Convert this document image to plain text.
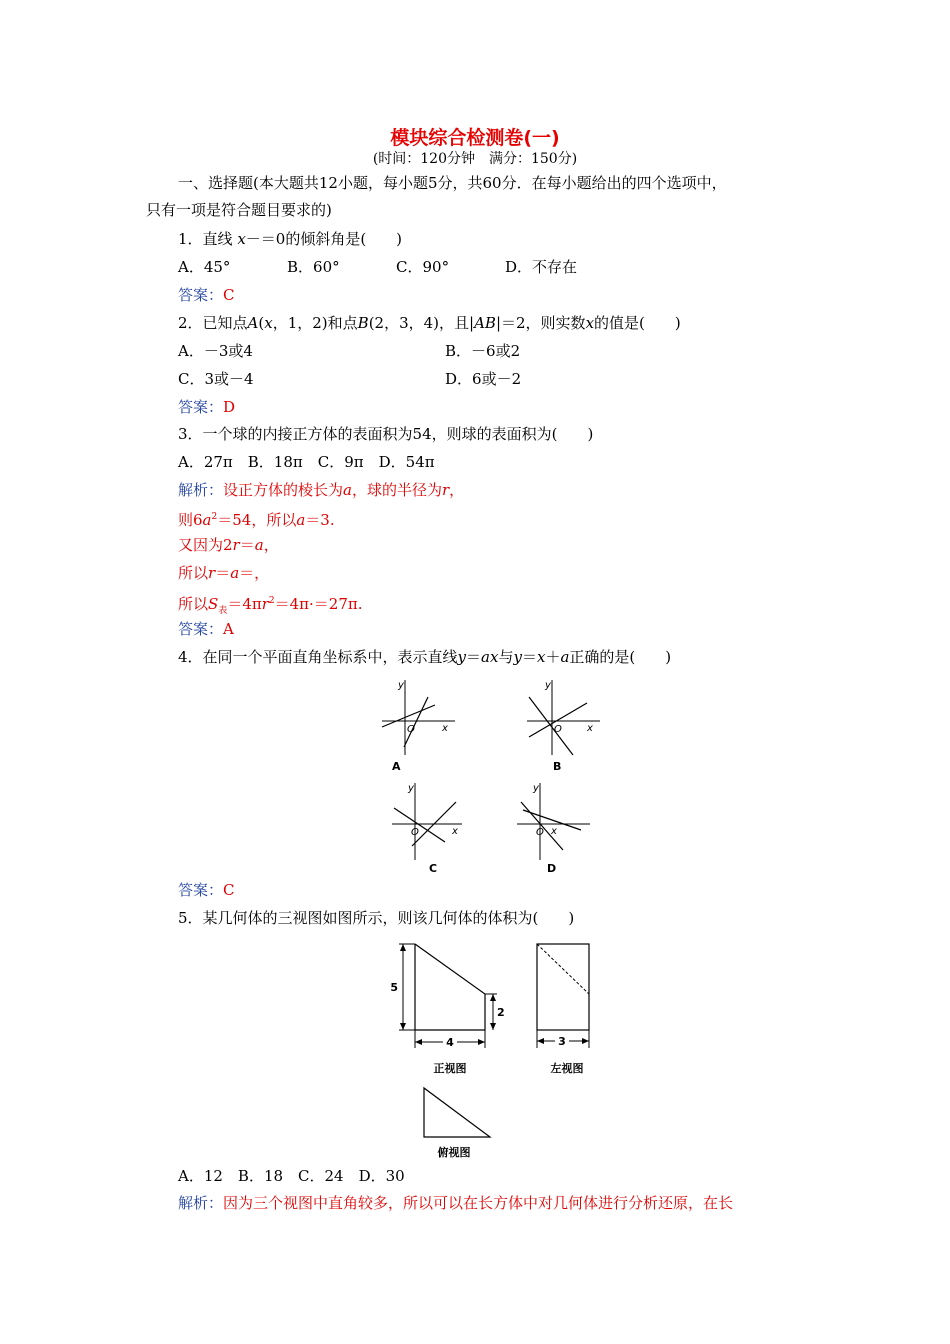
模块综合检测卷(一)
(时间：120分钟　满分：150分)
一、选择题(本大题共12小题，每小题5分，共60分．在每小题给出的四个选项中，
只有一项是符合题目要求的)
1．直线 x－＝0的倾斜角是(　　)
A．45°	B．60°	C．90°	D．不存在
答案：C
2．已知点A(x，1，2)和点B(2，3，4)，且|AB|＝2，则实数x的值是(　　)
A．－3或4	B．－6或2
C．3或－4	D．6或－2
答案：D
3．一个球的内接正方体的表面积为54，则球的表面积为(　　)
A．27π　B．18π　C．9π　D．54π
解析：设正方体的棱长为a，球的半径为r，
则$6a^2=54$，所以a＝3.
又因为2r＝a，
所以r＝a＝，
所以$S_表=4\pi r^2=4\pi\cdot=27\pi$.
答案：A
4．在同一个平面直角坐标系中，表示直线y＝ax与y＝x＋a正确的是(　　)
y
x
O
A
y
x
O
B
y
x
O
C
y
x
O
D
答案：C
5．某几何体的三视图如图所示，则该几何体的体积为(　　)
5
2
4
正视图
3
左视图
俯视图
A．12　B．18　C．24　D．30
解析：因为三个视图中直角较多，所以可以在长方体中对几何体进行分析还原，在长
